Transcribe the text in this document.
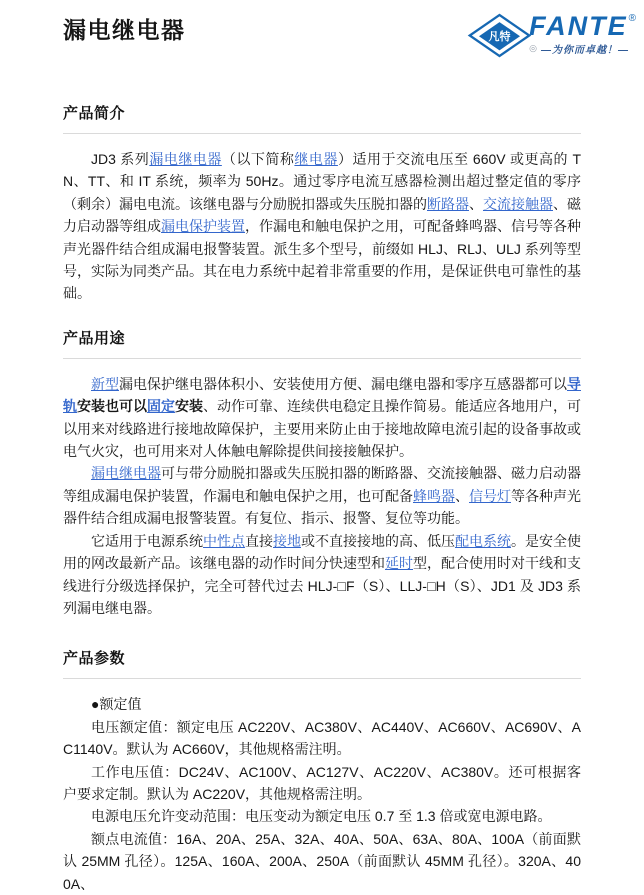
漏电继电器	凡特 FANTE ®
◎ —为你而卓越！—
产品简介

JD3 系列漏电继电器（以下简称继电器）适用于交流电压至 660V 或更高的 TN、TT、和 IT 系统，频率为 50Hz。通过零序电流互感器检测出超过整定值的零序（剩余）漏电电流。该继电器与分励脱扣器或失压脱扣器的断路器、交流接触器、磁力启动器等组成漏电保护装置，作漏电和触电保护之用，可配备蜂鸣器、信号等各种声光器件结合组成漏电报警装置。派生多个型号，前缀如 HLJ、RLJ、ULJ 系列等型号，实际为同类产品。其在电力系统中起着非常重要的作用，是保证供电可靠性的基础。

产品用途

新型漏电保护继电器体积小、安装使用方便、漏电继电器和零序互感器都可以导轨安装也可以固定安装、动作可靠、连续供电稳定且操作简易。能适应各地用户，可以用来对线路进行接地故障保护，主要用来防止由于接地故障电流引起的设备事故或电气火灾，也可用来对人体触电解除提供间接接触保护。

漏电继电器可与带分励脱扣器或失压脱扣器的断路器、交流接触器、磁力启动器等组成漏电保护装置，作漏电和触电保护之用，也可配备蜂鸣器、信号灯等各种声光器件结合组成漏电报警装置。有复位、指示、报警、复位等功能。

它适用于电源系统中性点直接接地或不直接接地的高、低压配电系统。是安全使用的网改最新产品。该继电器的动作时间分快速型和延时型，配合使用时对干线和支线进行分级选择保护，完全可替代过去 HLJ-□F（S）、LLJ-□H（S）、JD1 及 JD3 系列漏电继电器。

产品参数

●额定值

电压额定值：额定电压 AC220V、AC380V、AC440V、AC660V、AC690V、AC1140V。默认为 AC660V，其他规格需注明。

工作电压值：DC24V、AC100V、AC127V、AC220V、AC380V。还可根据客户要求定制。默认为 AC220V，其他规格需注明。

电源电压允许变动范围：电压变动为额定电压 0.7 至 1.3 倍或宽电源电路。

额点电流值：16A、20A、25A、32A、40A、50A、63A、80A、100A（前面默认 25MM 孔径）。125A、160A、200A、250A（前面默认 45MM 孔径）。320A、400A、
